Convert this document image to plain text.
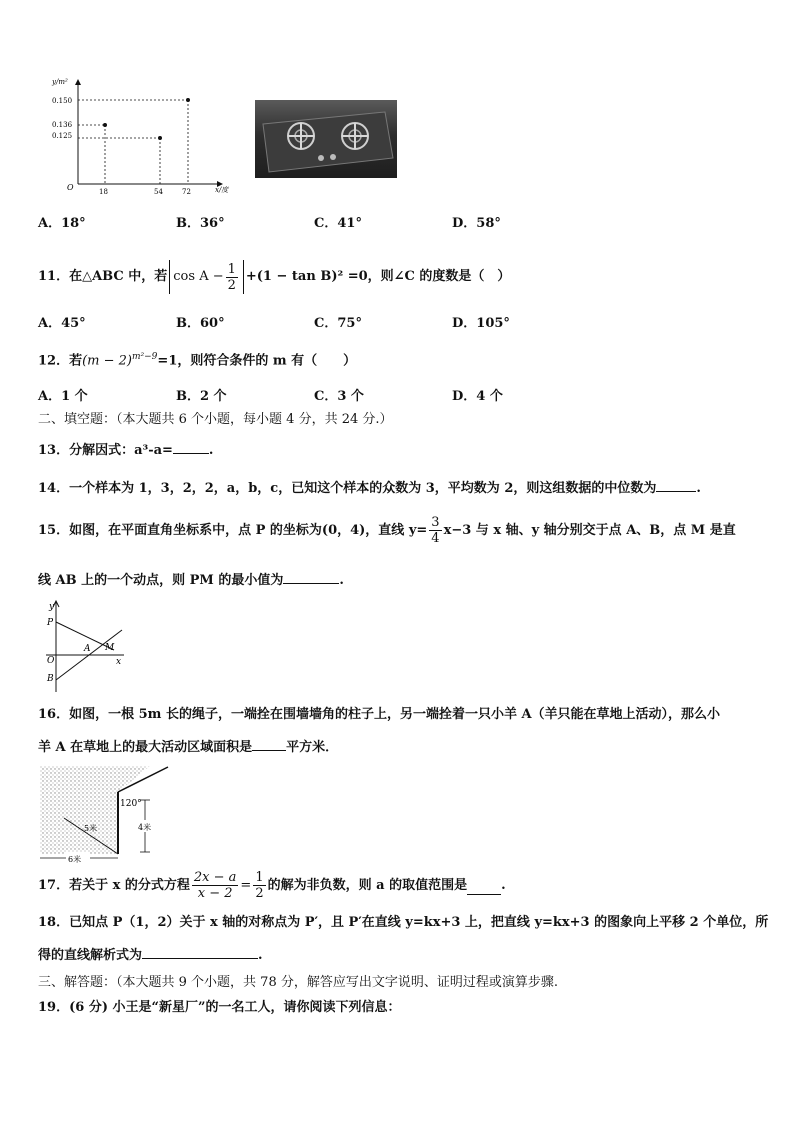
y/m²
0.150
0.136
0.125
O	18	54	72	x/度
A．18°	B．36°	C．41°	D．58°
11．在△ABC 中，若 $\cos A - \frac{1}{2} +(1 - \tan B)^2 =0$，则∠C 的度数是（　）
A．45°	B．60°	C．75°	D．105°
12．若$(m - 2)^{m^2-9}=1$，则符合条件的 m 有（　　）
A．1 个	B．2 个	C．3 个	D．4 个
二、填空题：（本大题共 6 个小题，每小题 4 分，共 24 分.）
13．分解因式：a³-a=	.
14．一个样本为 1，3，2，2，a，b，c，已知这个样本的众数为 3，平均数为 2，则这组数据的中位数为	.
15．如图，在平面直角坐标系中，点 P 的坐标为(0，4)，直线 $y= \frac{3}{4} x-3$ 与 x 轴、y 轴分别交于点 A、B，点 M 是直
线 AB 上的一个动点，则 PM 的最小值为	.
y
P
O
A M
x
B
16．如图，一根 5m 长的绳子，一端拴在围墙墙角的柱子上，另一端拴着一只小羊 A（羊只能在草地上活动），那么小
羊 A 在草地上的最大活动区域面积是	平方米．
120°
5米	4米
6米
17．若关于 x 的分式方程 $\frac{2x - a}{x - 2} = \frac{1}{2}$ 的解为非负数，则 a 的取值范围是	.
18．已知点 P（1，2）关于 x 轴的对称点为 P′，且 P′在直线 y=kx+3 上，把直线 y=kx+3 的图象向上平移 2 个单位，所
得的直线解析式为	.
三、解答题：（本大题共 9 个小题，共 78 分，解答应写出文字说明、证明过程或演算步骤.
19．(6 分) 小王是“新星厂”的一名工人，请你阅读下列信息：
